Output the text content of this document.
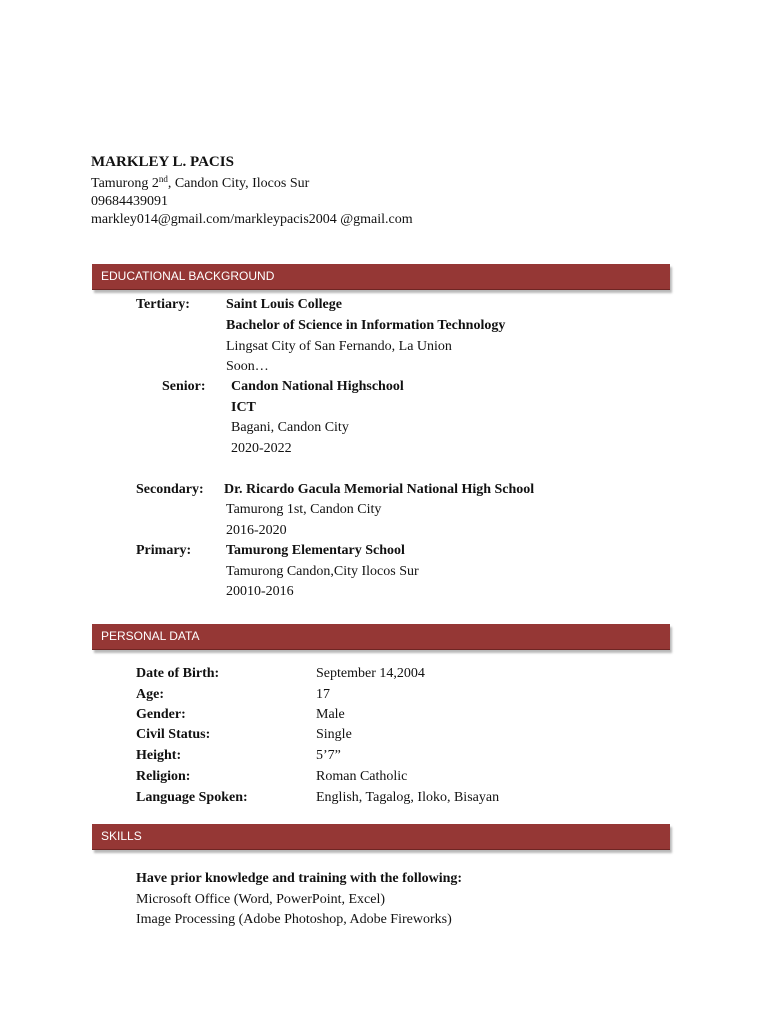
MARKLEY L. PACIS
Tamurong 2nd, Candon City, Ilocos Sur
09684439091
markley014@gmail.com/markleypacis2004 @gmail.com
EDUCATIONAL BACKGROUND
Tertiary:	Saint Louis College
Bachelor of Science in Information Technology
Lingsat City of San Fernando, La Union
Soon…
Senior: Candon National Highschool
ICT
Bagani, Candon City
2020-2022
Secondary: Dr. Ricardo Gacula Memorial National High School
Tamurong 1st, Candon City
2016-2020
Primary: Tamurong Elementary School
Tamurong Candon,City Ilocos Sur
20010-2016
PERSONAL DATA
Date of Birth:	September 14,2004
Age:	17
Gender:	Male
Civil Status:	Single
Height:	5’7”
Religion:	Roman Catholic
Language Spoken:	English, Tagalog, Iloko, Bisayan
SKILLS
Have prior knowledge and training with the following:
Microsoft Office (Word, PowerPoint, Excel)
Image Processing (Adobe Photoshop, Adobe Fireworks)
